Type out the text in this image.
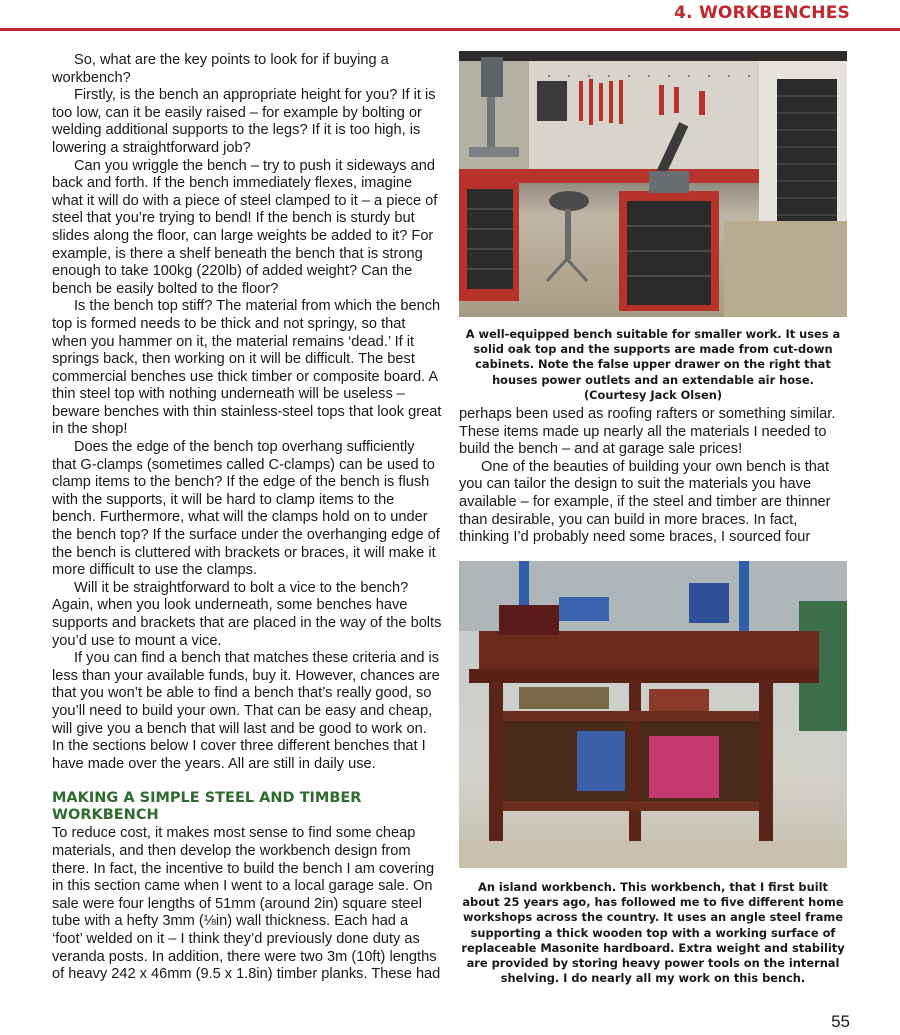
4. WORKBENCHES

So, what are the key points to look for if buying a workbench?

Firstly, is the bench an appropriate height for you? If it is too low, can it be easily raised – for example by bolting or welding additional supports to the legs? If it is too high, is lowering a straightforward job?

Can you wriggle the bench – try to push it sideways and back and forth. If the bench immediately flexes, imagine what it will do with a piece of steel clamped to it – a piece of steel that you’re trying to bend! If the bench is sturdy but slides along the floor, can large weights be added to it? For example, is there a shelf beneath the bench that is strong enough to take 100kg (220lb) of added weight? Can the bench be easily bolted to the floor?

Is the bench top stiff? The material from which the bench top is formed needs to be thick and not springy, so that when you hammer on it, the material remains ‘dead.’ If it springs back, then working on it will be difficult. The best commercial benches use thick timber or composite board. A thin steel top with nothing underneath will be useless – beware benches with thin stainless-steel tops that look great in the shop!

Does the edge of the bench top overhang sufficiently that G-clamps (sometimes called C-clamps) can be used to clamp items to the bench? If the edge of the bench is flush with the supports, it will be hard to clamp items to the bench. Furthermore, what will the clamps hold on to under the bench top? If the surface under the overhanging edge of the bench is cluttered with brackets or braces, it will make it more difficult to use the clamps.

Will it be straightforward to bolt a vice to the bench? Again, when you look underneath, some benches have supports and brackets that are placed in the way of the bolts you’d use to mount a vice.

If you can find a bench that matches these criteria and is less than your available funds, buy it. However, chances are that you won’t be able to find a bench that’s really good, so you’ll need to build your own. That can be easy and cheap, will give you a bench that will last and be good to work on. In the sections below I cover three different benches that I have made over the years. All are still in daily use.

MAKING A SIMPLE STEEL AND TIMBER WORKBENCH

To reduce cost, it makes most sense to find some cheap materials, and then develop the workbench design from there. In fact, the incentive to build the bench I am covering in this section came when I went to a local garage sale. On sale were four lengths of 51mm (around 2in) square steel tube with a hefty 3mm (⅛in) wall thickness. Each had a ‘foot’ welded on it – I think they’d previously done duty as veranda posts. In addition, there were two 3m (10ft) lengths of heavy 242 x 46mm (9.5 x 1.8in) timber planks. These had

A well-equipped bench suitable for smaller work. It uses a solid oak top and the supports are made from cut-down cabinets. Note the false upper drawer on the right that houses power outlets and an extendable air hose. (Courtesy Jack Olsen)

perhaps been used as roofing rafters or something similar. These items made up nearly all the materials I needed to build the bench – and at garage sale prices!

One of the beauties of building your own bench is that you can tailor the design to suit the materials you have available – for example, if the steel and timber are thinner than desirable, you can build in more braces. In fact, thinking I’d probably need some braces, I sourced four

An island workbench. This workbench, that I first built about 25 years ago, has followed me to five different home workshops across the country. It uses an angle steel frame supporting a thick wooden top with a working surface of replaceable Masonite hardboard. Extra weight and stability are provided by storing heavy power tools on the internal shelving. I do nearly all my work on this bench.
55
